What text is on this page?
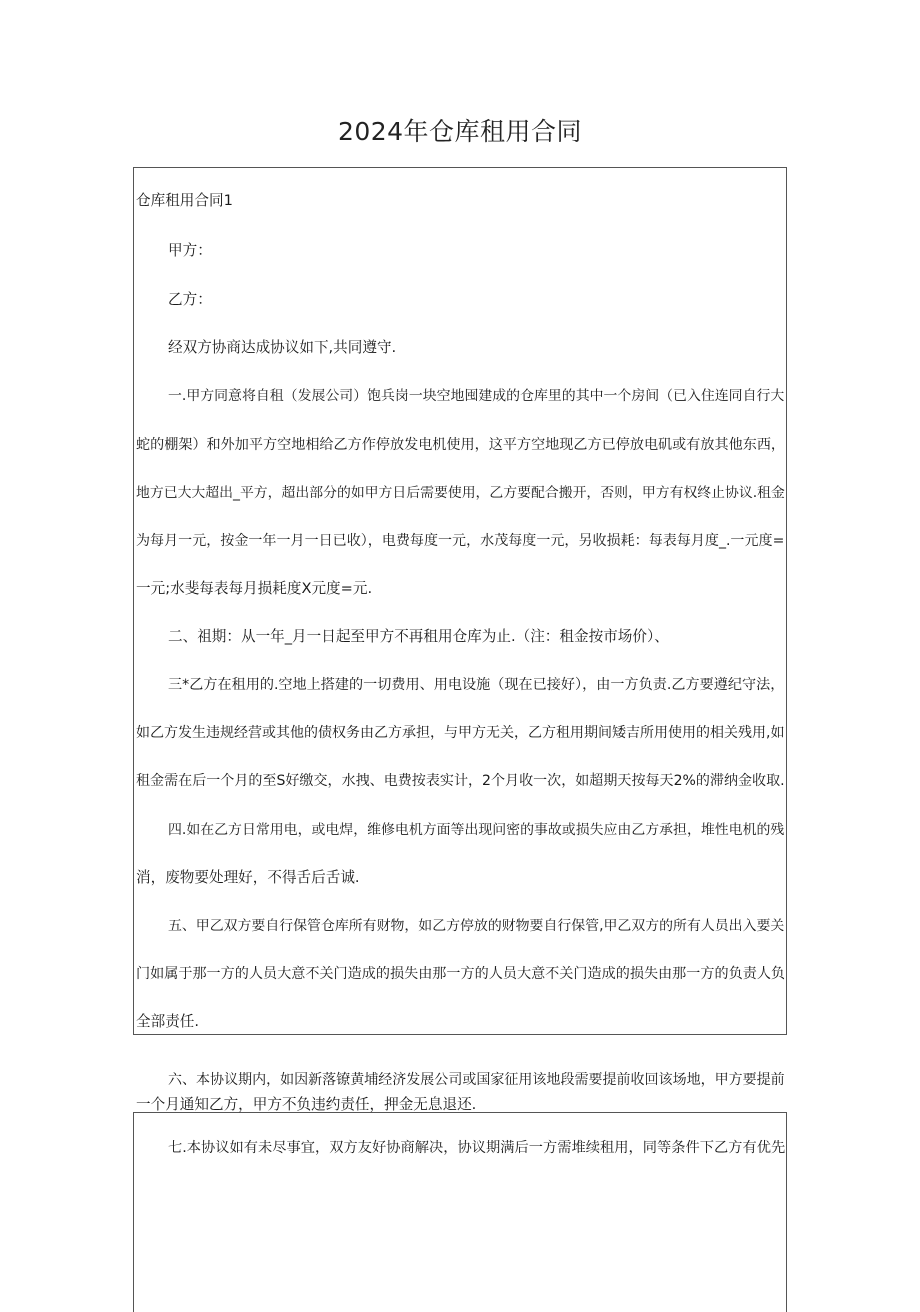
2024年仓库租用合同
仓库租用合同1
甲方：
乙方：
经双方协商达成协议如下,共同遵守.
一.甲方同意将自租（发展公司）饱兵岗一块空地囤建成的仓库里的其中一个房间（已入住连同自行大
蛇的棚架）和外加平方空地相给乙方作停放发电机使用，这平方空地现乙方已停放电矶或有放其他东西，
地方已大大超出_平方，超出部分的如甲方日后需要使用，乙方要配合搬开，否则，甲方有权终止协议.租金
为每月一元，按金一年一月一日已收），电费每度一元，水茂每度一元，另收损耗：每表每月度_.一元度=
一元;水斐每表每月损耗度X元度=元.
二、祖期：从一年_月一日起至甲方不再租用仓库为止.（注：租金按市场价）、
三*乙方在租用的.空地上搭建的一切费用、用电设施（现在已接好），由一方负责.乙方要遵纪守法，
如乙方发生违规经营或其他的债权务由乙方承担，与甲方无关，乙方租用期间矮吉所用使用的相关残用,如
租金需在后一个月的至S好缴交，水拽、电费按表实计，2个月收一次，如超期天按每天2%的滞纳金收取.
四.如在乙方日常用电，或电焊，维修电机方面等出现问密的事故或损失应由乙方承担，堆性电机的残
消，废物要处理好，不得舌后舌诚.
五、甲乙双方要自行保管仓库所有财物，如乙方停放的财物要自行保管,甲乙双方的所有人员出入要关
门如属于那一方的人员大意不关门造成的损失由那一方的人员大意不关门造成的损失由那一方的负责人负
全部责任.
六、本协议期内，如因新落镣黄埔经济发展公司或国家征用该地段需要提前收回该场地，甲方要提前
一个月通知乙方，甲方不负违约责任，押金无息退还.
七.本协议如有未尽事宜，双方友好协商解决，协议期满后一方需堆续租用，同等条件下乙方有优先
